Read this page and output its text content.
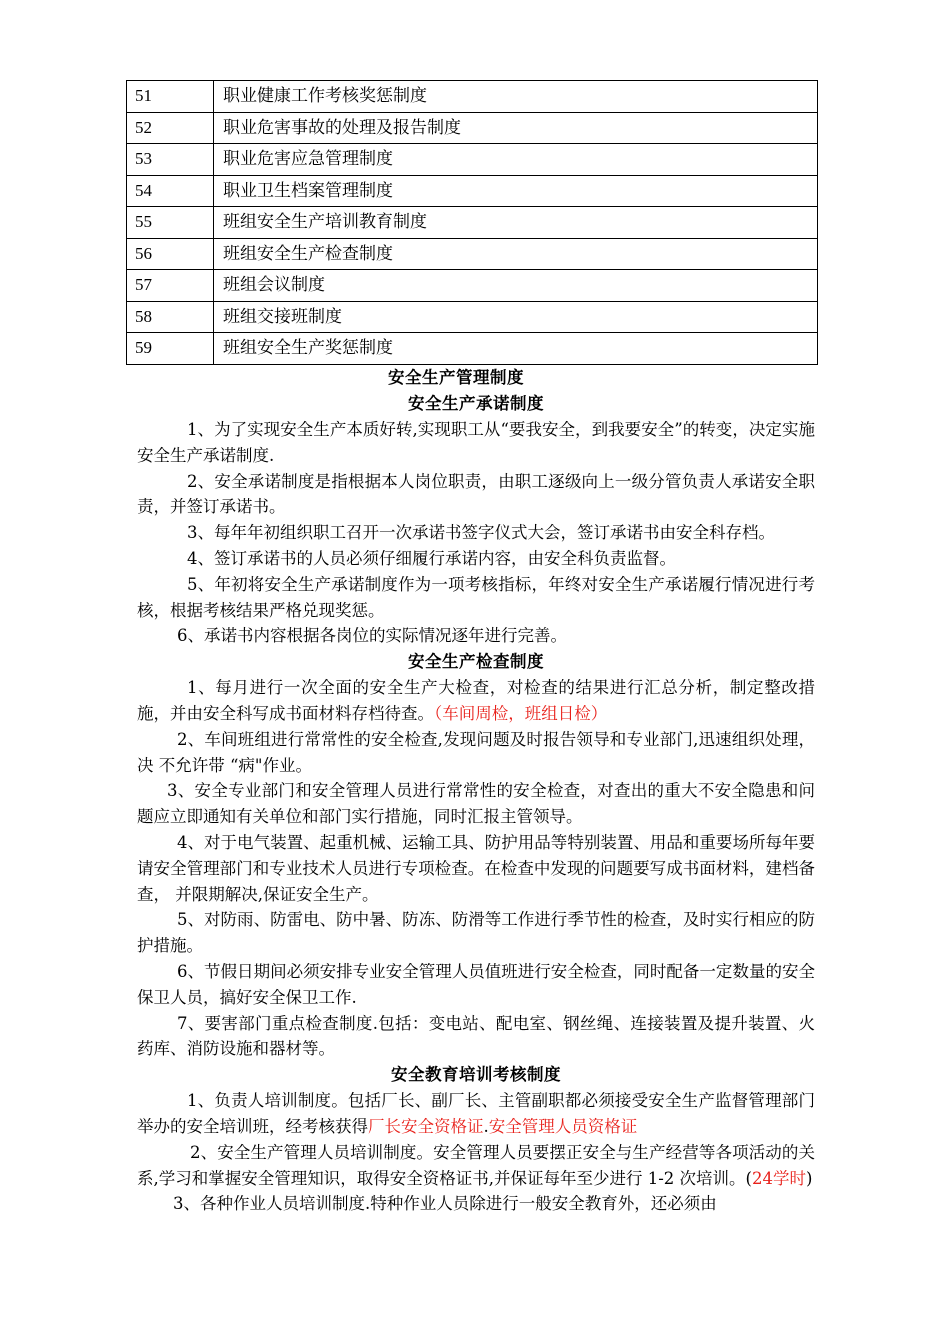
51	职业健康工作考核奖惩制度
52	职业危害事故的处理及报告制度
53	职业危害应急管理制度
54	职业卫生档案管理制度
55	班组安全生产培训教育制度
56	班组安全生产检查制度
57	班组会议制度
58	班组交接班制度
59	班组安全生产奖惩制度
安全生产管理制度
安全生产承诺制度

1、为了实现安全生产本质好转,实现职工从“要我安全，到我要安全”的转变，决定实施安全生产承诺制度.

2、安全承诺制度是指根据本人岗位职责，由职工逐级向上一级分管负责人承诺安全职责，并签订承诺书。

3、每年年初组织职工召开一次承诺书签字仪式大会，签订承诺书由安全科存档。

4、签订承诺书的人员必须仔细履行承诺内容，由安全科负责监督。

5、年初将安全生产承诺制度作为一项考核指标，年终对安全生产承诺履行情况进行考核，根据考核结果严格兑现奖惩。

6、承诺书内容根据各岗位的实际情况逐年进行完善。

安全生产检查制度

1、每月进行一次全面的安全生产大检查，对检查的结果进行汇总分析，制定整改措施，并由安全科写成书面材料存档待查。（车间周检，班组日检）

2、车间班组进行常常性的安全检查,发现问题及时报告领导和专业部门,迅速组织处理，决 不允许带 “病"作业。

3、安全专业部门和安全管理人员进行常常性的安全检查，对查出的重大不安全隐患和问题应立即通知有关单位和部门实行措施，同时汇报主管领导。

4、对于电气装置、起重机械、运输工具、防护用品等特别装置、用品和重要场所每年要请安全管理部门和专业技术人员进行专项检查。在检查中发现的问题要写成书面材料，建档备查， 并限期解决,保证安全生产。

5、对防雨、防雷电、防中暑、防冻、防滑等工作进行季节性的检查，及时实行相应的防护措施。

6、节假日期间必须安排专业安全管理人员值班进行安全检查，同时配备一定数量的安全保卫人员，搞好安全保卫工作.

7、要害部门重点检查制度.包括：变电站、配电室、钢丝绳、连接装置及提升装置、火药库、消防设施和器材等。

安全教育培训考核制度

1、负责人培训制度。包括厂长、副厂长、主管副职都必须接受安全生产监督管理部门举办的安全培训班，经考核获得厂长安全资格证.安全管理人员资格证

2、安全生产管理人员培训制度。安全管理人员要摆正安全与生产经营等各项活动的关系,学习和掌握安全管理知识，取得安全资格证书,并保证每年至少进行 1-2 次培训。(24学时)

3、各种作业人员培训制度.特种作业人员除进行一般安全教育外，还必须由
